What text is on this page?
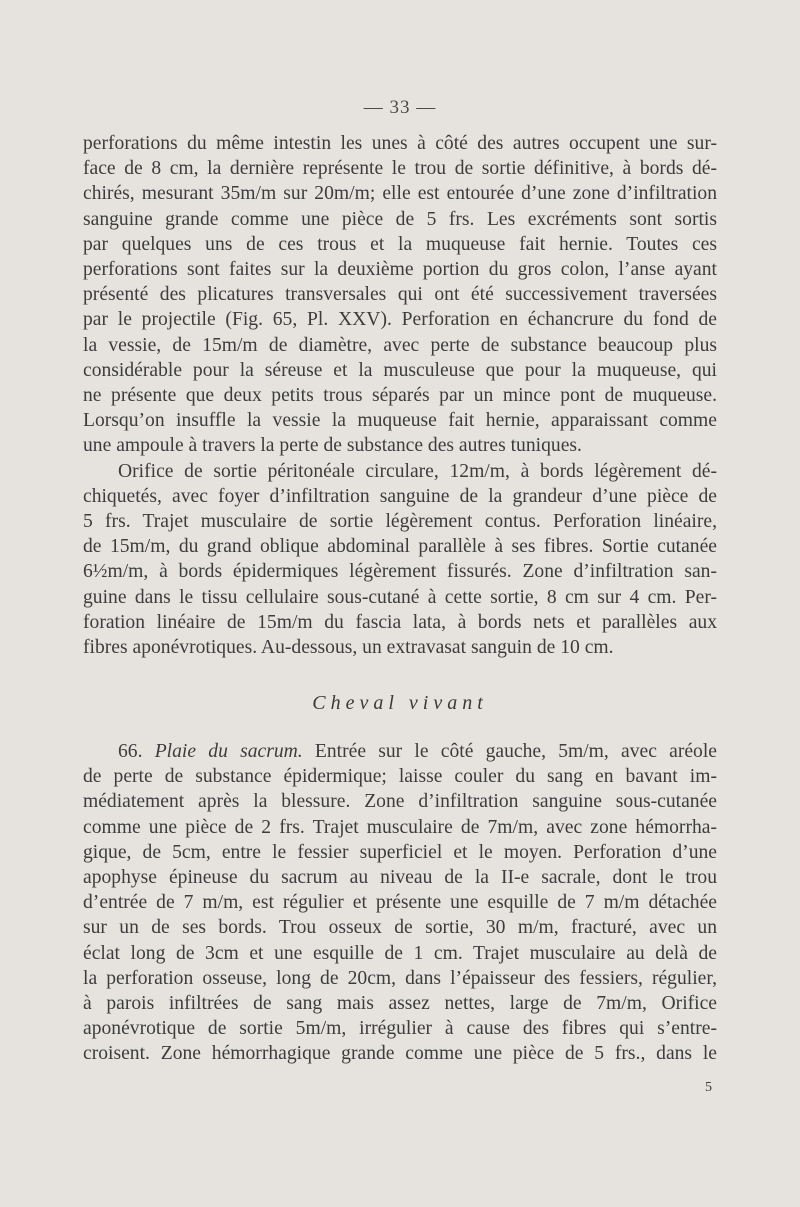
— 33 —

perforations du même intestin les unes à côté des autres occupent une sur-
face de 8 cm, la dernière représente le trou de sortie définitive, à bords dé-
chirés, mesurant 35m/m sur 20m/m; elle est entourée d’une zone d’infiltration
sanguine grande comme une pièce de 5 frs. Les excréments sont sortis
par quelques uns de ces trous et la muqueuse fait hernie. Toutes ces
perforations sont faites sur la deuxième portion du gros colon, l’anse ayant
présenté des plicatures transversales qui ont été successivement traversées
par le projectile (Fig. 65, Pl. XXV). Perforation en échancrure du fond de
la vessie, de 15m/m de diamètre, avec perte de substance beaucoup plus
considérable pour la séreuse et la musculeuse que pour la muqueuse, qui
ne présente que deux petits trous séparés par un mince pont de muqueuse.
Lorsqu’on insuffle la vessie la muqueuse fait hernie, apparaissant comme
une ampoule à travers la perte de substance des autres tuniques.

Orifice de sortie péritonéale circulare, 12m/m, à bords légèrement dé-

chiquetés, avec foyer d’infiltration sanguine de la grandeur d’une pièce de
5 frs. Trajet musculaire de sortie légèrement contus. Perforation linéaire,
de 15m/m, du grand oblique abdominal parallèle à ses fibres. Sortie cutanée
6½m/m, à bords épidermiques légèrement fissurés. Zone d’infiltration san-
guine dans le tissu cellulaire sous-cutané à cette sortie, 8 cm sur 4 cm. Per-
foration linéaire de 15m/m du fascia lata, à bords nets et parallèles aux
fibres aponévrotiques. Au-dessous, un extravasat sanguin de 10 cm.

Cheval vivant

66. Plaie du sacrum. Entrée sur le côté gauche, 5m/m, avec aréole
de perte de substance épidermique; laisse couler du sang en bavant im-
médiatement après la blessure. Zone d’infiltration sanguine sous-cutanée
comme une pièce de 2 frs. Trajet musculaire de 7m/m, avec zone hémorrha-
gique, de 5cm, entre le fessier superficiel et le moyen. Perforation d’une
apophyse épineuse du sacrum au niveau de la II-e sacrale, dont le trou
d’entrée de 7 m/m, est régulier et présente une esquille de 7 m/m détachée
sur un de ses bords. Trou osseux de sortie, 30 m/m, fracturé, avec un
éclat long de 3cm et une esquille de 1 cm. Trajet musculaire au delà de
la perforation osseuse, long de 20cm, dans l’épaisseur des fessiers, régulier,
à parois infiltrées de sang mais assez nettes, large de 7m/m, Orifice
aponévrotique de sortie 5m/m, irrégulier à cause des fibres qui s’entre-
croisent. Zone hémorrhagique grande comme une pièce de 5 frs., dans le

5
